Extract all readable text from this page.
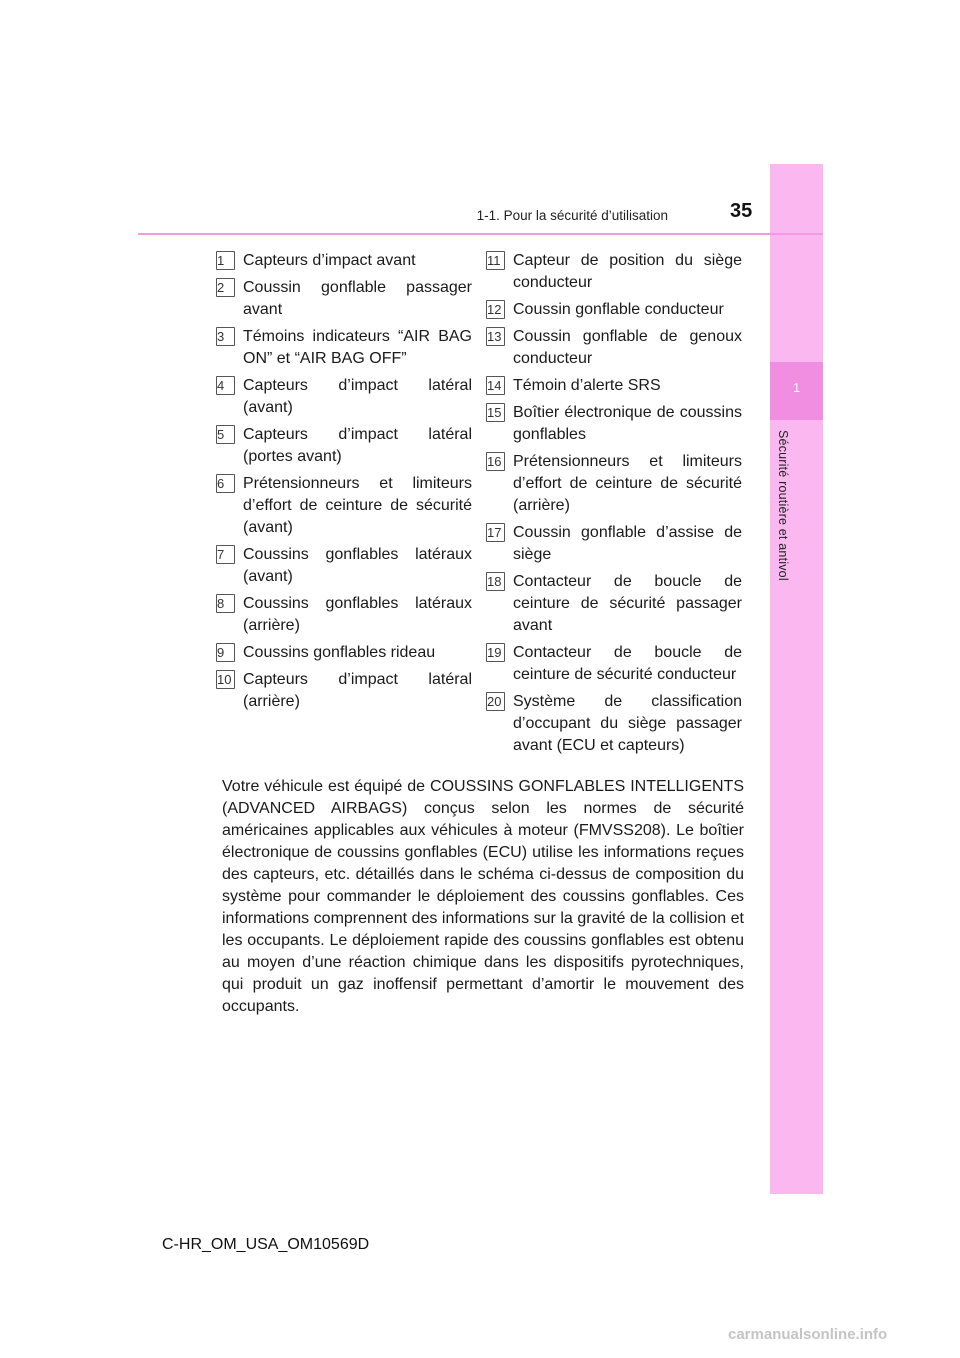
1
Sécurité routière et antivol
1-1. Pour la sécurité d’utilisation	35
1	Capteurs d’impact avant
2	Coussin gonflable passager avant
3	Témoins indicateurs “AIR BAG ON” et “AIR BAG OFF”
4	Capteurs d’impact latéral (avant)
5	Capteurs d’impact latéral (portes avant)
6	Prétensionneurs et limiteurs d’effort de ceinture de sécurité (avant)
7	Coussins gonflables latéraux (avant)
8	Coussins gonflables latéraux (arrière)
9	Coussins gonflables rideau
10 Capteurs d’impact latéral (arrière)
11 Capteur de position du siège conducteur
12 Coussin gonflable conducteur
13 Coussin gonflable de genoux conducteur
14 Témoin d’alerte SRS
15 Boîtier électronique de coussins gonflables
16 Prétensionneurs et limiteurs d’effort de ceinture de sécurité (arrière)
17 Coussin gonflable d’assise de siège
18 Contacteur de boucle de ceinture de sécurité passager avant
19 Contacteur de boucle de ceinture de sécurité conducteur
20 Système de classification d’occupant du siège passager avant (ECU et capteurs)
Votre véhicule est équipé de COUSSINS GONFLABLES INTELLIGENTS (ADVANCED AIRBAGS) conçus selon les normes de sécurité américaines applicables aux véhicules à moteur (FMVSS208). Le boîtier électronique de coussins gonflables (ECU) utilise les informations reçues des capteurs, etc. détaillés dans le schéma ci-dessus de composition du système pour commander le déploiement des coussins gonflables. Ces informations comprennent des informations sur la gravité de la collision et les occupants. Le déploiement rapide des coussins gonflables est obtenu au moyen d’une réaction chimique dans les dispositifs pyrotechniques, qui produit un gaz inoffensif permettant d’amortir le mouvement des occupants.
C-HR_OM_USA_OM10569D
carmanualsonline.info
